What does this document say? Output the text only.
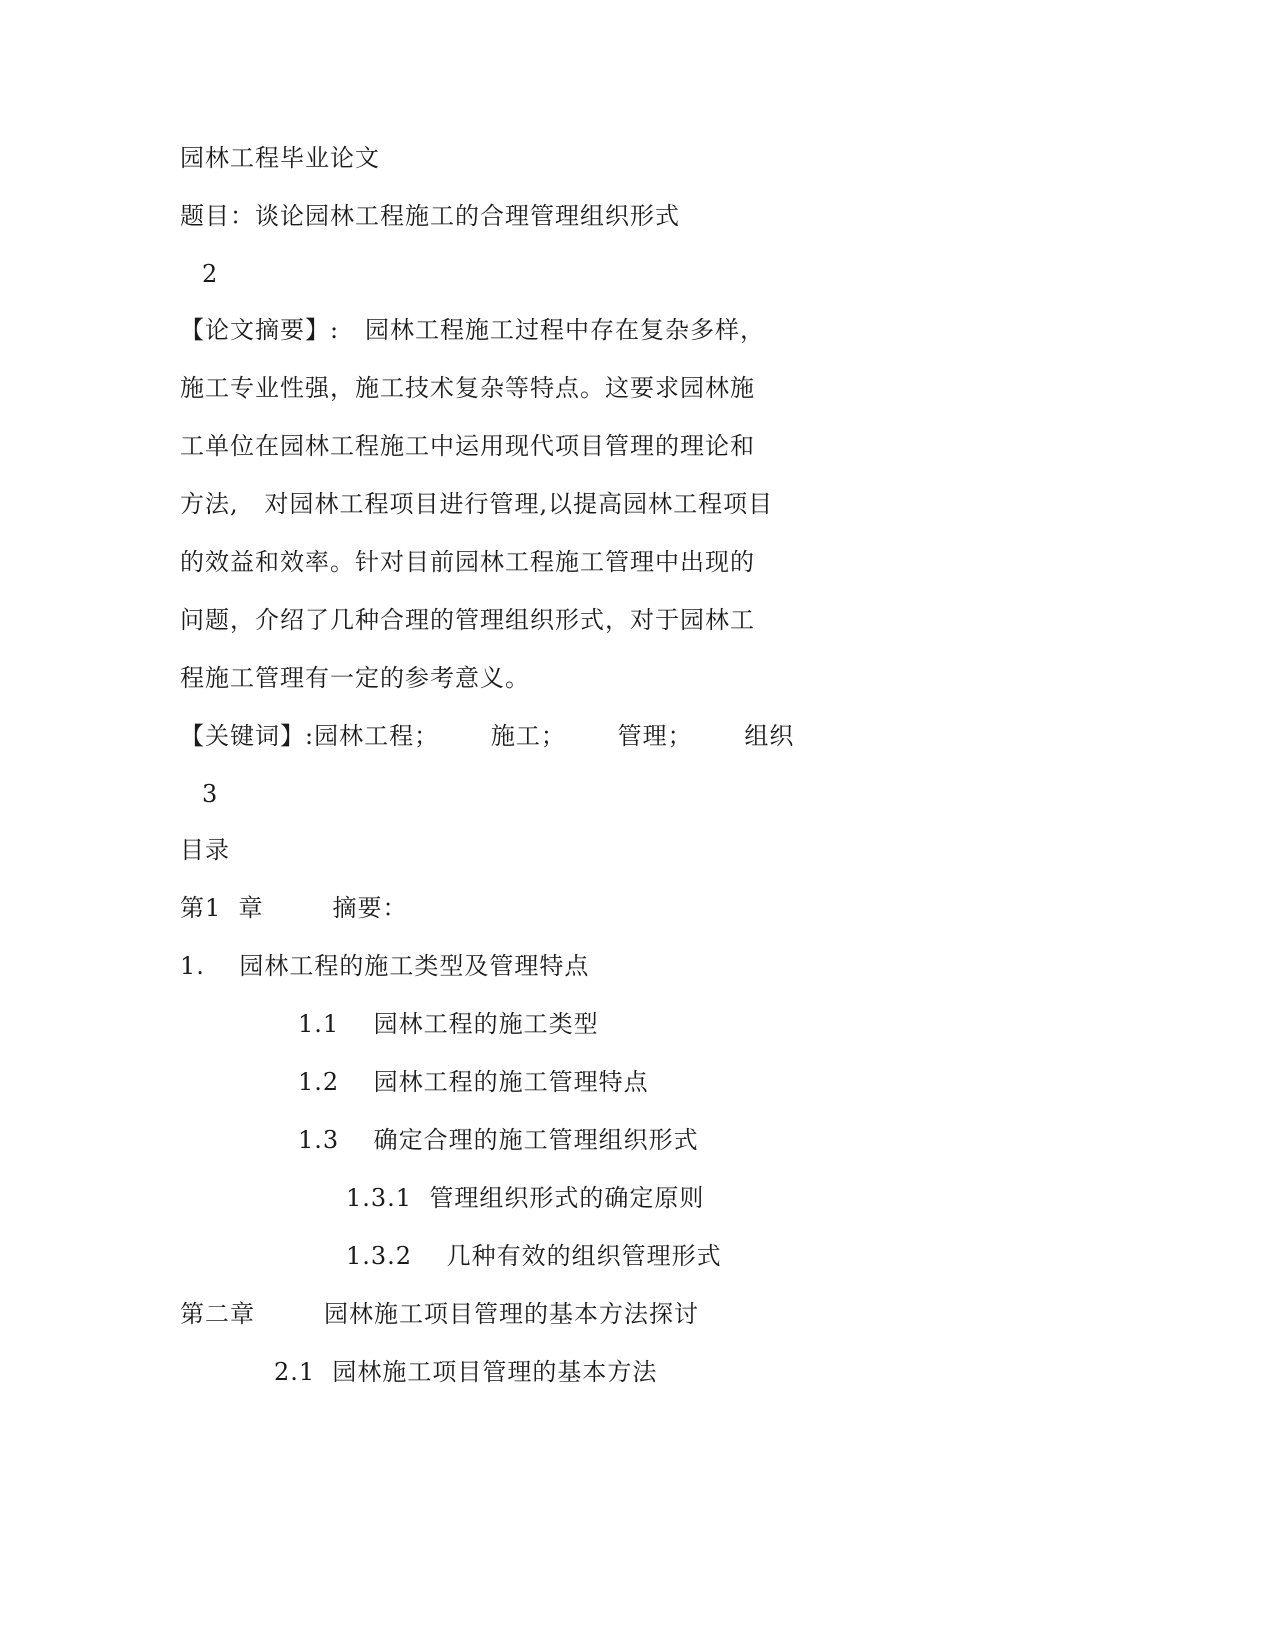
园林工程毕业论文
题目：谈论园林工程施工的合理管理组织形式
2
【论文摘要】:   园林工程施工过程中存在复杂多样，
施工专业性强，施工技术复杂等特点。这要求园林施
工单位在园林工程施工中运用现代项目管理的理论和
方法,   对园林工程项目进行管理,以提高园林工程项目
的效益和效率。针对目前园林工程施工管理中出现的
问题，介绍了几种合理的管理组织形式，对于园林工
程施工管理有一定的参考意义。
【关键词】:园林工程；      施工；      管理；      组织
3
目录
第1  章        摘要：
1.    园林工程的施工类型及管理特点
1.1    园林工程的施工类型
1.2    园林工程的施工管理特点
1.3    确定合理的施工管理组织形式
1.3.1  管理组织形式的确定原则
1.3.2    几种有效的组织管理形式
第二章        园林施工项目管理的基本方法探讨
2.1  园林施工项目管理的基本方法
